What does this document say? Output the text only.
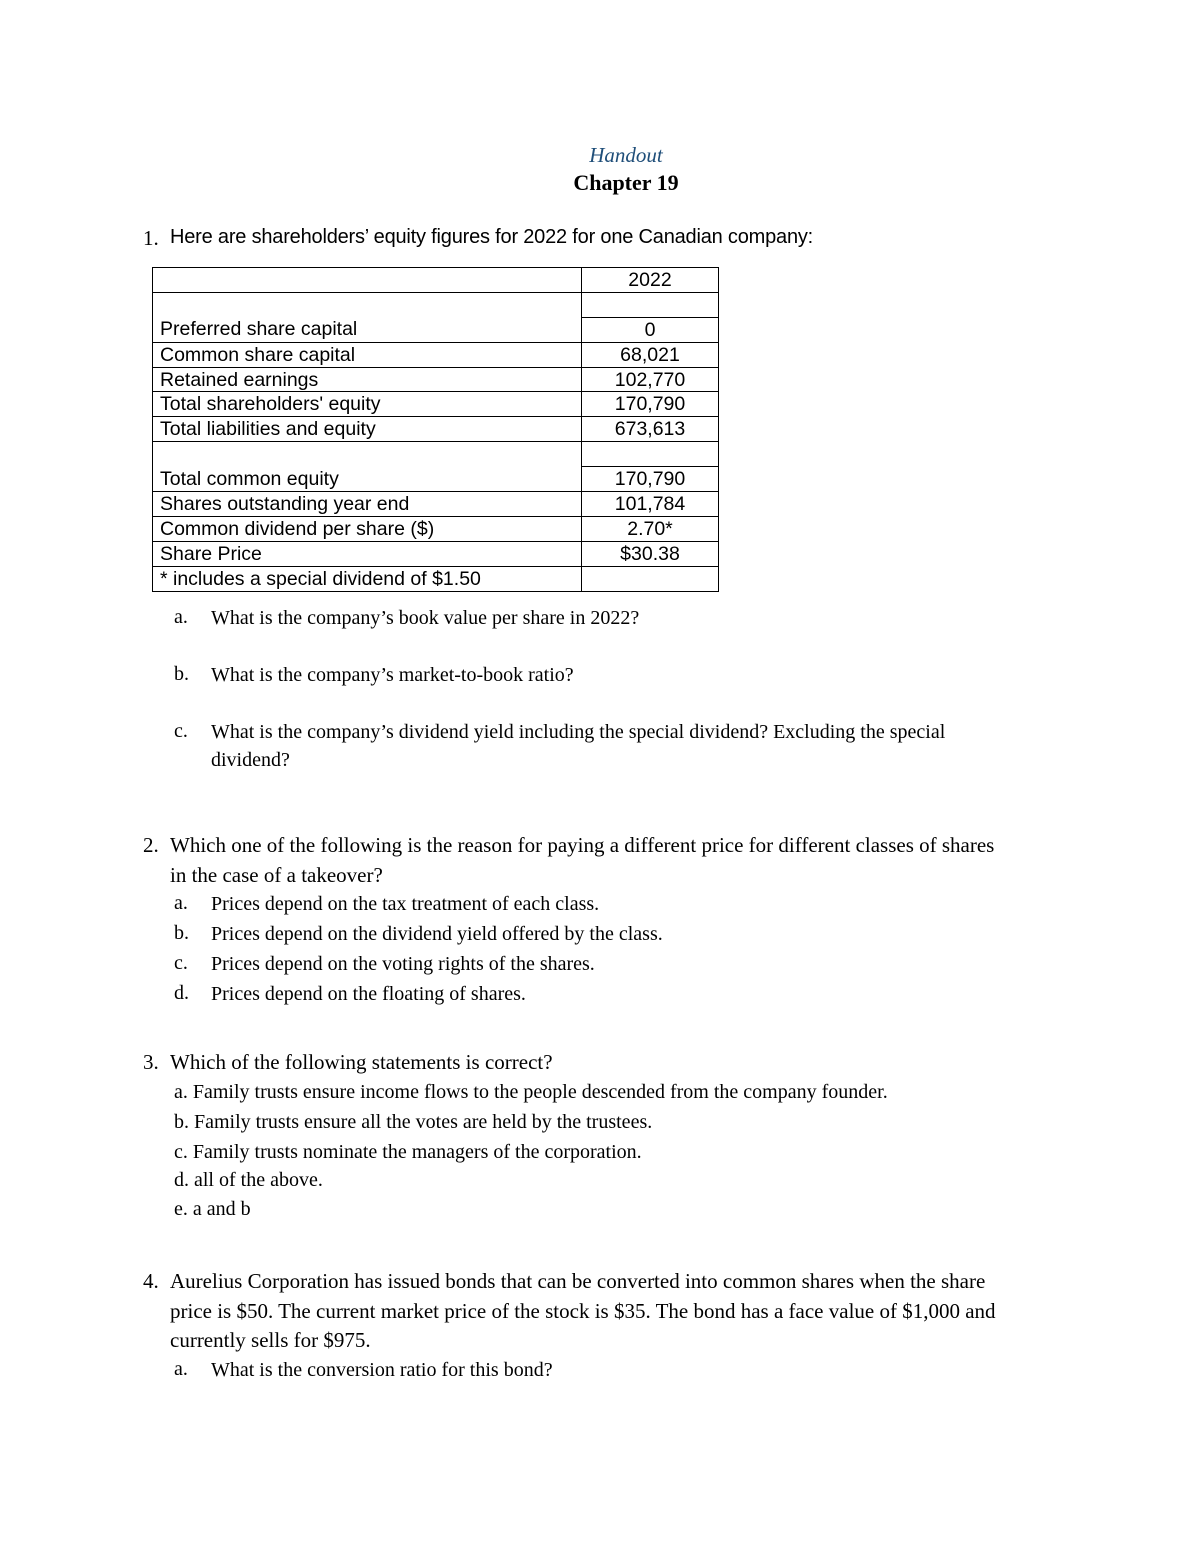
Handout
Chapter 19
1. Here are shareholders’ equity figures for 2022 for one Canadian company:
	2022

Preferred share capital	0
Common share capital	68,021
Retained earnings	102,770
Total shareholders' equity	170,790
Total liabilities and equity	673,613

Total common equity	170,790
Shares outstanding year end	101,784
Common dividend per share ($)	2.70*
Share Price	$30.38
* includes a special dividend of $1.50	
a. What is the company’s book value per share in 2022?
b. What is the company’s market-to-book ratio?
c. What is the company’s dividend yield including the special dividend? Excluding the special
dividend?
2. Which one of the following is the reason for paying a different price for different classes of shares
in the case of a takeover?
a. Prices depend on the tax treatment of each class.
b. Prices depend on the dividend yield offered by the class.
c. Prices depend on the voting rights of the shares.
d. Prices depend on the floating of shares.
3. Which of the following statements is correct?
a. Family trusts ensure income flows to the people descended from the company founder.
b. Family trusts ensure all the votes are held by the trustees.
c. Family trusts nominate the managers of the corporation.
d. all of the above.
e. a and b
4. Aurelius Corporation has issued bonds that can be converted into common shares when the share
price is $50. The current market price of the stock is $35. The bond has a face value of $1,000 and
currently sells for $975.
a. What is the conversion ratio for this bond?
